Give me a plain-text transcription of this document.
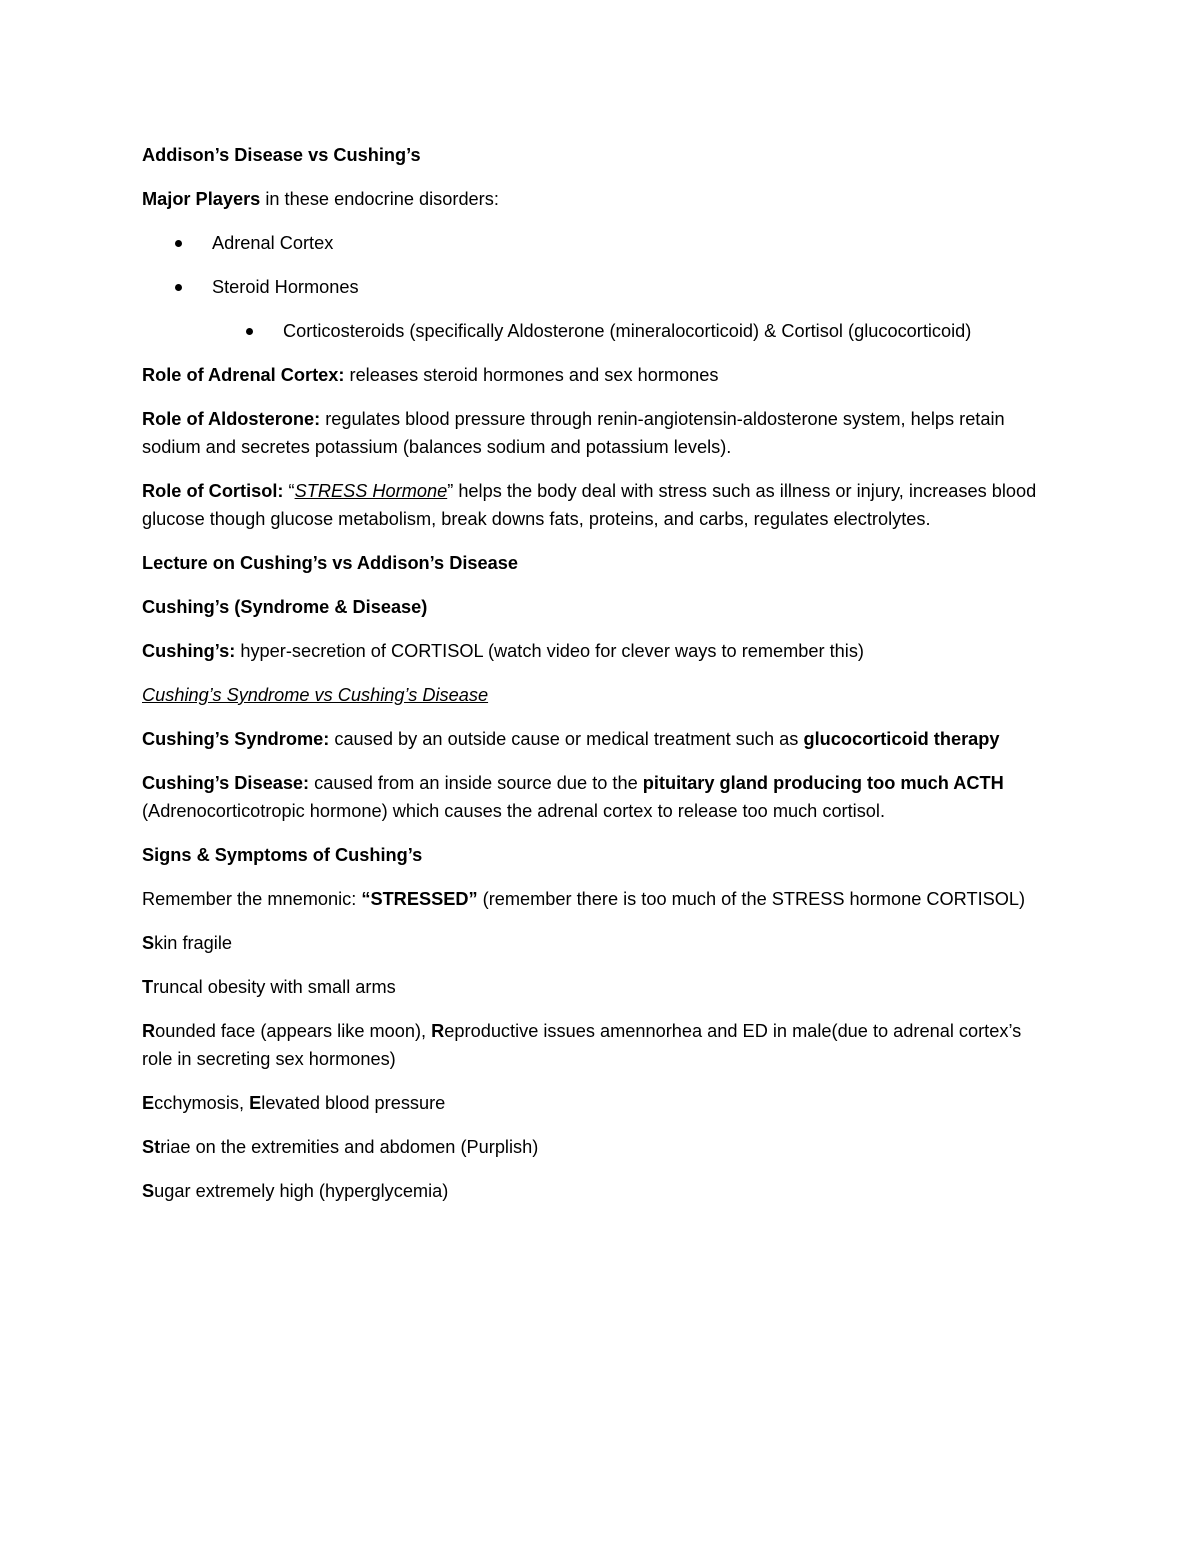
Addison’s Disease vs Cushing’s

Major Players in these endocrine disorders:

Adrenal Cortex
Steroid Hormones
Corticosteroids (specifically Aldosterone (mineralocorticoid) & Cortisol (glucocorticoid)

Role of Adrenal Cortex: releases steroid hormones and sex hormones

Role of Aldosterone: regulates blood pressure through renin-angiotensin-aldosterone system, helps retain sodium and secretes potassium (balances sodium and potassium levels).

Role of Cortisol: “STRESS Hormone” helps the body deal with stress such as illness or injury, increases blood glucose though glucose metabolism, break downs fats, proteins, and carbs, regulates electrolytes.

Lecture on Cushing’s vs Addison’s Disease

Cushing’s (Syndrome & Disease)

Cushing’s: hyper-secretion of CORTISOL (watch video for clever ways to remember this)

Cushing’s Syndrome vs Cushing’s Disease

Cushing’s Syndrome: caused by an outside cause or medical treatment such as glucocorticoid therapy

Cushing’s Disease: caused from an inside source due to the pituitary gland producing too much ACTH (Adrenocorticotropic hormone) which causes the adrenal cortex to release too much cortisol.

Signs & Symptoms of Cushing’s

Remember the mnemonic: “STRESSED” (remember there is too much of the STRESS hormone CORTISOL)

Skin fragile

Truncal obesity with small arms

Rounded face (appears like moon), Reproductive issues amennorhea and ED in male(due to adrenal cortex’s role in secreting sex hormones)

Ecchymosis, Elevated blood pressure

Striae on the extremities and abdomen (Purplish)

Sugar extremely high (hyperglycemia)
